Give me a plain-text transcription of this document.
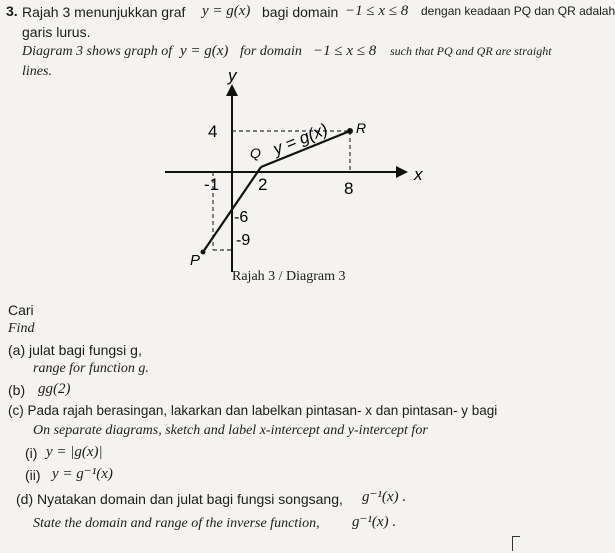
3. Rajah 3 menunjukkan graf y = g(x) bagi domain −1 ≤ x ≤ 8 dengan keadaan PQ dan QR adalah
garis lurus.
Diagram 3 shows graph of y = g(x) for domain −1 ≤ x ≤ 8 such that PQ and QR are straight
lines.	y
x
y = g(x)
Q
R
P
4
-6
-9
-1 2	8
Rajah 3 / Diagram 3
Cari
Find
(a) julat bagi fungsi g,
range for function g.
(b) gg(2)
(c) Pada rajah berasingan, lakarkan dan labelkan pintasan- x dan pintasan- y bagi
On separate diagrams, sketch and label x-intercept and y-intercept for
(i) y = |g(x)|
(ii) y = g⁻¹(x)
(d) Nyatakan domain dan julat bagi fungsi songsang, g⁻¹(x) .
State the domain and range of the inverse function, g⁻¹(x) .
